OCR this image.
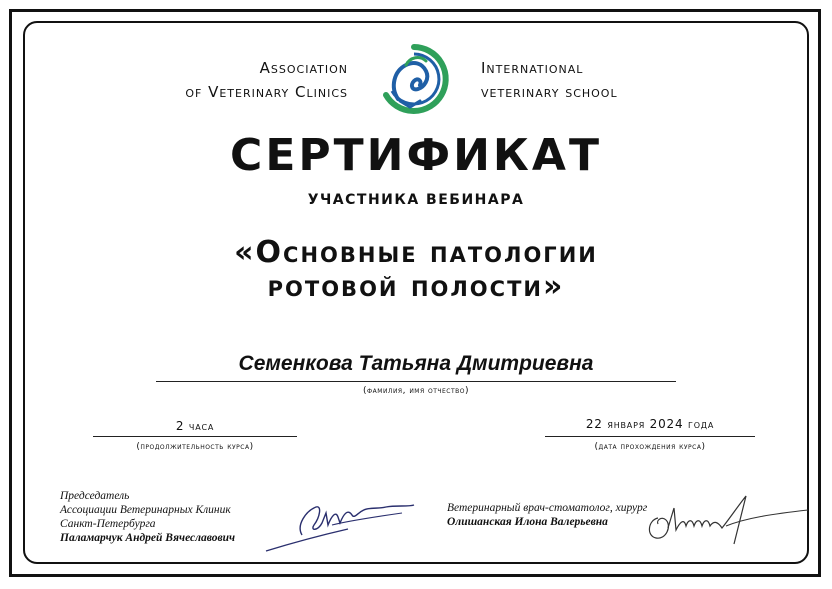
Association
of Veterinary Clinics
International
veterinary school
СЕРТИФИКАТ
УЧАСТНИКА ВЕБИНАРА
«Основные патологии
ротовой полости»
Семенкова Татьяна Дмитриевна
(фамилия, имя отчество)
2 часа
(продолжительность курса)
22 января 2024 года
(дата прохождения курса)
Председатель
Ассоциации Ветеринарных Клиник
Санкт-Петербурга
Паламарчук Андрей Вячеславович
Ветеринарный врач-стоматолог, хирург
Олишанская Илона Валерьевна
